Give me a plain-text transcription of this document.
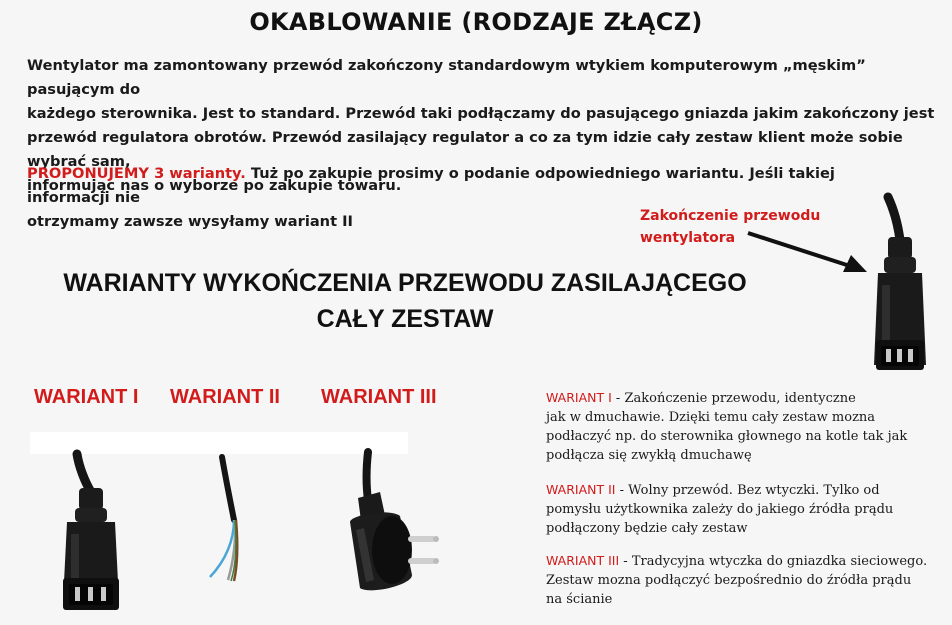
OKABLOWANIE (RODZAJE ZŁĄCZ)
Wentylator ma zamontowany przewód zakończony standardowym wtykiem komputerowym „męskim” pasującym do
każdego sterownika. Jest to standard. Przewód taki podłączamy do pasującego gniazda jakim zakończony jest
przewód regulatora obrotów. Przewód zasilający regulator a co za tym idzie cały zestaw klient może sobie wybrać sam,
informując nas o wyborze po zakupie towaru.
PROPONUJEMY 3 warianty. Tuż po zakupie prosimy o podanie odpowiedniego wariantu. Jeśli takiej informacji nie
otrzymamy zawsze wysyłamy wariant II	Zakończenie przewodu
wentylatora
WARIANTY WYKOŃCZENIA PRZEWODU ZASILAJĄCEGO
CAŁY ZESTAW
WARIANT I WARIANT II WARIANT III	WARIANT I - Zakończenie przewodu, identyczne
jak w dmuchawie. Dzięki temu cały zestaw mozna
podłaczyć np. do sterownika głownego na kotle tak jak
podłącza się zwykłą dmuchawę
WARIANT II - Wolny przewód. Bez wtyczki. Tylko od
pomysłu użytkownika zależy do jakiego źródła prądu
podłączony będzie cały zestaw
WARIANT III - Tradycyjna wtyczka do gniazdka sieciowego.
Zestaw mozna podłączyć bezpośrednio do źródła prądu
na ścianie
